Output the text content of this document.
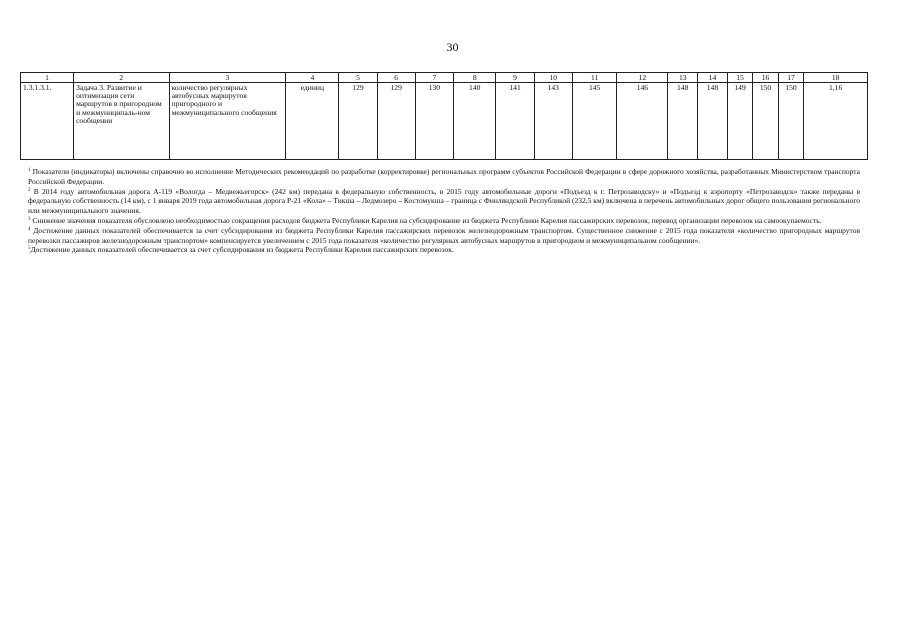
30
1	2	3	4	5	6	7	8	9	10	11	12	13	14	15	16	17	18
1.3.1.3.1.	Задача 3. Развитие и оптимизация сети маршрутов в пригородном и межмуниципаль-ном сообщении	количество регулярных автобусных маршрутов пригородного и межмуниципального сообщения	единиц	129	129	130	140	141	143	145	146	148	148	149	150	150	1,16

$^1$ Показатели (индикаторы) включены справочно во исполнение Методических рекомендаций по разработке (корректировке) региональных программ субъектов Российской Федерации в сфере дорожного хозяйства, разработанных Министерством транспорта Российской Федерации.

$^2$ В 2014 году автомобильная дорога А-119 «Вологда – Медвежьегорск» (242 км) передана в федеральную собственность, в 2015 году автомобильные дороги «Подъезд к г. Петрозаводску» и «Подъезд к аэропорту «Петрозаводск» также переданы в федеральную собственность (14 км), с 1 января 2019 года автомобильная дорога Р-21 «Кола» – Тикша – Ледмозеро – Костомукша – граница с Финляндской Республикой (232,5 км) включена в перечень автомобильных дорог общего пользования регионального или межмуниципального значения.

$^3$ Снижение значения показателя обусловлено необходимостью сокращения расходов бюджета Республики Карелия на субсидирование из бюджета Республики Карелия пассажирских перевозок, перевод организации перевозок на самоокупаемость.

$^4$ Достижение данных показателей обеспечивается за счет субсидирования из бюджета Республики Карелия пассажирских перевозок железнодорожным транспортом. Существенное снижение с 2015 года показателя «количество пригородных маршрутов перевозки пассажиров железнодорожным транспортом» компенсируется увеличением с 2015 года показателя «количество регулярных автобусных маршрутов в пригородном и межмуниципальном сообщении».

$^5$Достижение данных показателей обеспечивается за счет субсидирования из бюджета Республики Карелия пассажирских перевозок.
